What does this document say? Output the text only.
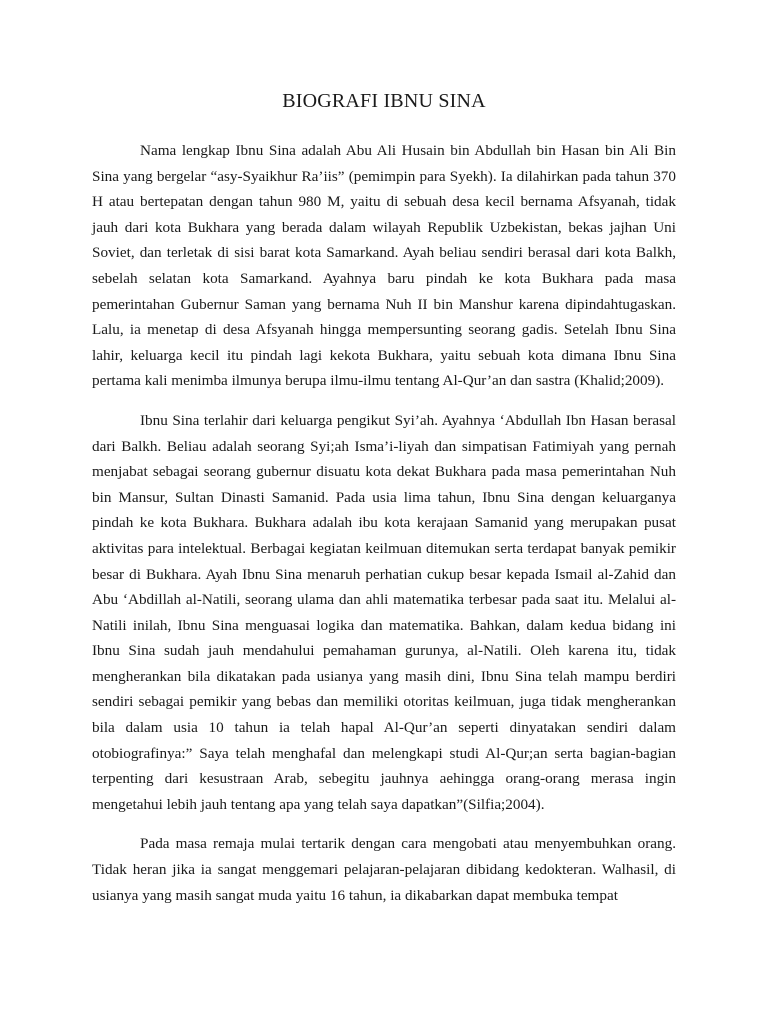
BIOGRAFI IBNU SINA

Nama lengkap Ibnu Sina adalah Abu Ali Husain bin Abdullah bin Hasan bin Ali Bin Sina yang bergelar “asy-Syaikhur Ra’iis” (pemimpin para Syekh). Ia dilahirkan pada tahun 370 H atau bertepatan dengan tahun 980 M, yaitu di sebuah desa kecil bernama Afsyanah, tidak jauh dari kota Bukhara yang berada dalam wilayah Republik Uzbekistan, bekas jajhan Uni Soviet, dan terletak di sisi barat kota Samarkand. Ayah beliau sendiri berasal dari kota Balkh, sebelah selatan kota Samarkand. Ayahnya baru pindah ke kota Bukhara pada masa pemerintahan Gubernur Saman yang bernama Nuh II bin Manshur karena dipindahtugaskan. Lalu, ia menetap di desa Afsyanah hingga mempersunting seorang gadis. Setelah Ibnu Sina lahir, keluarga kecil itu pindah lagi kekota Bukhara, yaitu sebuah kota dimana Ibnu Sina pertama kali menimba ilmunya berupa ilmu-ilmu tentang Al-Qur’an dan sastra (Khalid;2009).

Ibnu Sina terlahir dari keluarga pengikut Syi’ah. Ayahnya ‘Abdullah Ibn Hasan berasal dari Balkh. Beliau adalah seorang Syi;ah Isma’i-liyah dan simpatisan Fatimiyah yang pernah menjabat sebagai seorang gubernur disuatu kota dekat Bukhara pada masa pemerintahan Nuh bin Mansur, Sultan Dinasti Samanid. Pada usia lima tahun, Ibnu Sina dengan keluarganya pindah ke kota Bukhara. Bukhara adalah ibu kota kerajaan Samanid yang merupakan pusat aktivitas para intelektual. Berbagai kegiatan keilmuan ditemukan serta terdapat banyak pemikir besar di Bukhara. Ayah Ibnu Sina menaruh perhatian cukup besar kepada Ismail al-Zahid dan Abu ‘Abdillah al-Natili, seorang ulama dan ahli matematika terbesar pada saat itu. Melalui al-Natili inilah, Ibnu Sina menguasai logika dan matematika. Bahkan, dalam kedua bidang ini Ibnu Sina sudah jauh mendahului pemahaman gurunya, al-Natili. Oleh karena itu, tidak mengherankan bila dikatakan pada usianya yang masih dini, Ibnu Sina telah mampu berdiri sendiri sebagai pemikir yang bebas dan memiliki otoritas keilmuan, juga tidak mengherankan bila dalam usia 10 tahun ia telah hapal Al-Qur’an seperti dinyatakan sendiri dalam otobiografinya:” Saya telah menghafal dan melengkapi studi Al-Qur;an serta bagian-bagian terpenting dari kesustraan Arab, sebegitu jauhnya aehingga orang-orang merasa ingin mengetahui lebih jauh tentang apa yang telah saya dapatkan”(Silfia;2004).

Pada masa remaja mulai tertarik dengan cara mengobati atau menyembuhkan orang. Tidak heran jika ia sangat menggemari pelajaran-pelajaran dibidang kedokteran. Walhasil, di usianya yang masih sangat muda yaitu 16 tahun, ia dikabarkan dapat membuka tempat
